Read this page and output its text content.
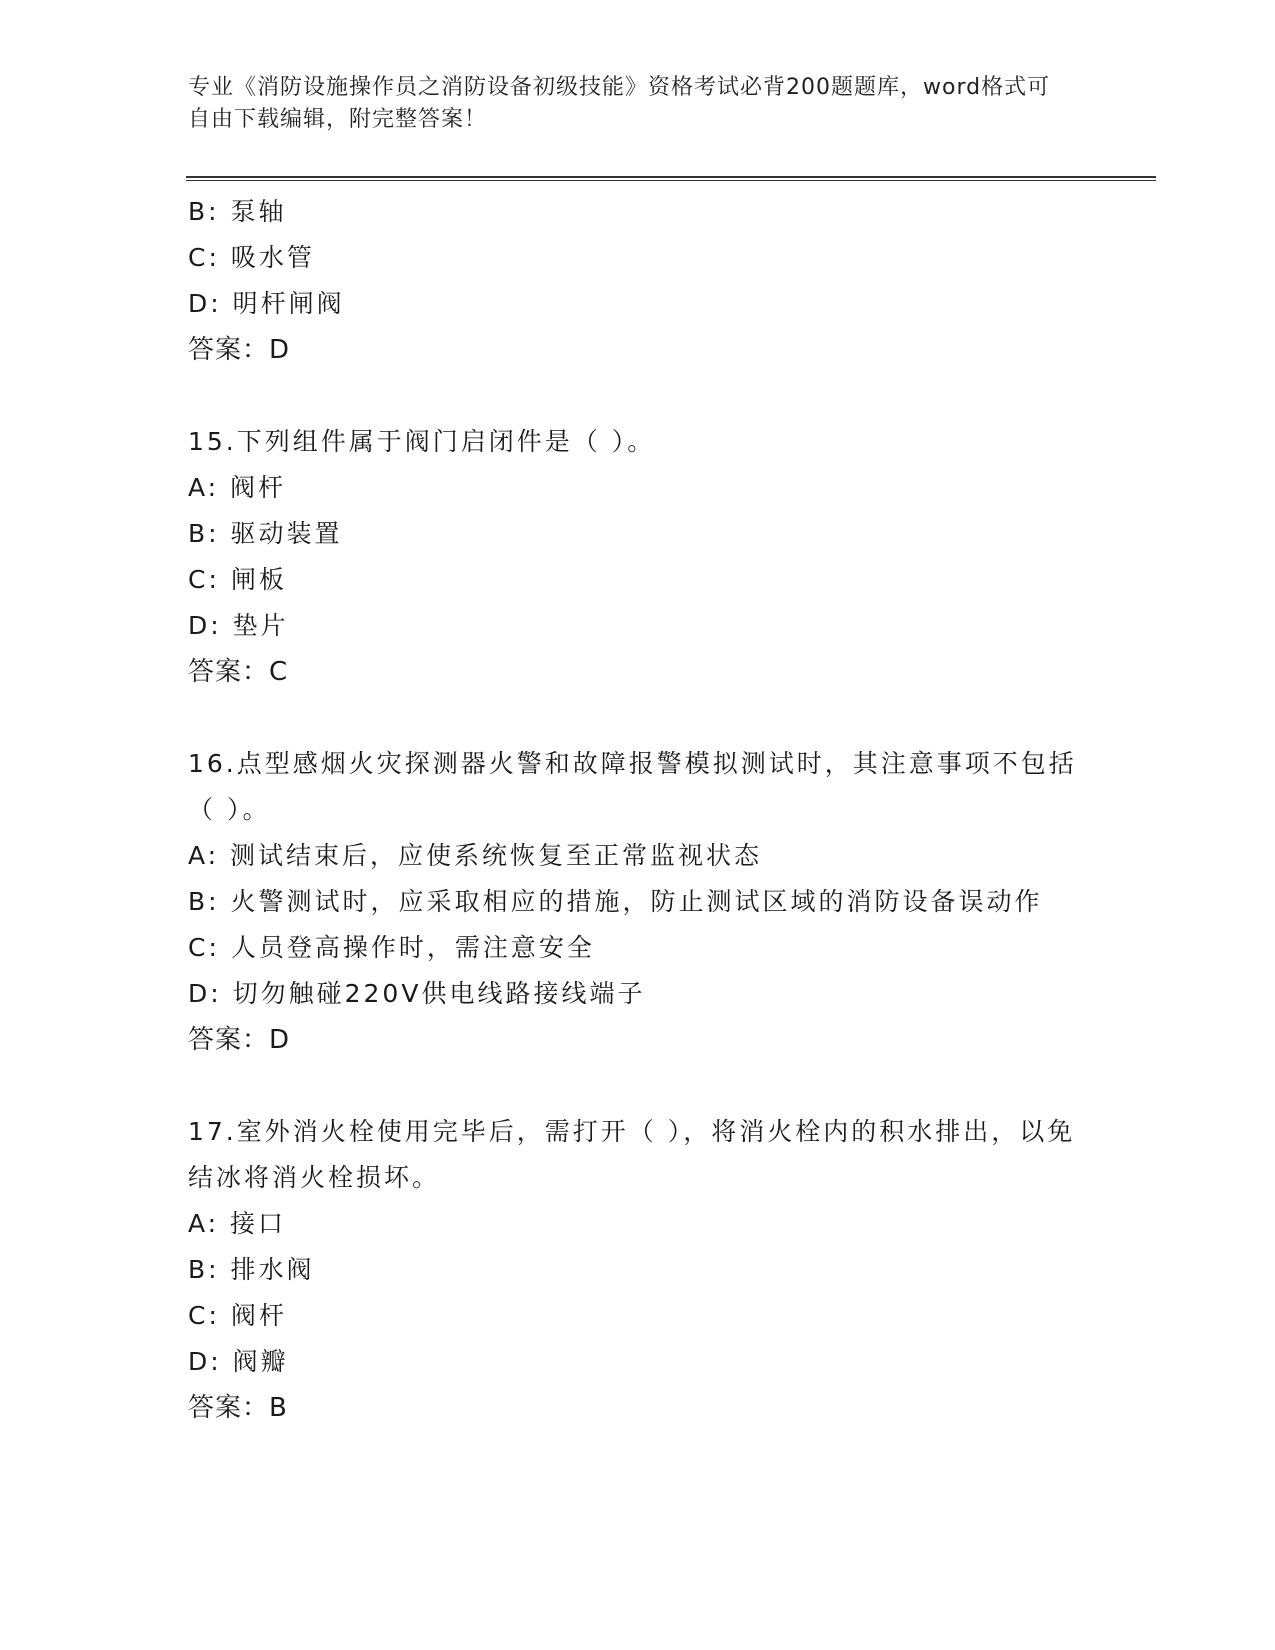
专业《消防设施操作员之消防设备初级技能》资格考试必背200题题库，word格式可自由下载编辑，附完整答案！
B: 泵轴
C: 吸水管
D: 明杆闸阀
答案：D
15.下列组件属于阀门启闭件是（ ）。
A: 阀杆
B: 驱动装置
C: 闸板
D: 垫片
答案：C
16.点型感烟火灾探测器火警和故障报警模拟测试时，其注意事项不包括（ ）。
A: 测试结束后，应使系统恢复至正常监视状态
B: 火警测试时，应采取相应的措施，防止测试区域的消防设备误动作
C: 人员登高操作时，需注意安全
D: 切勿触碰220V供电线路接线端子
答案：D
17.室外消火栓使用完毕后，需打开（ ），将消火栓内的积水排出，以免结冰将消火栓损坏。
A: 接口
B: 排水阀
C: 阀杆
D: 阀瓣
答案：B
